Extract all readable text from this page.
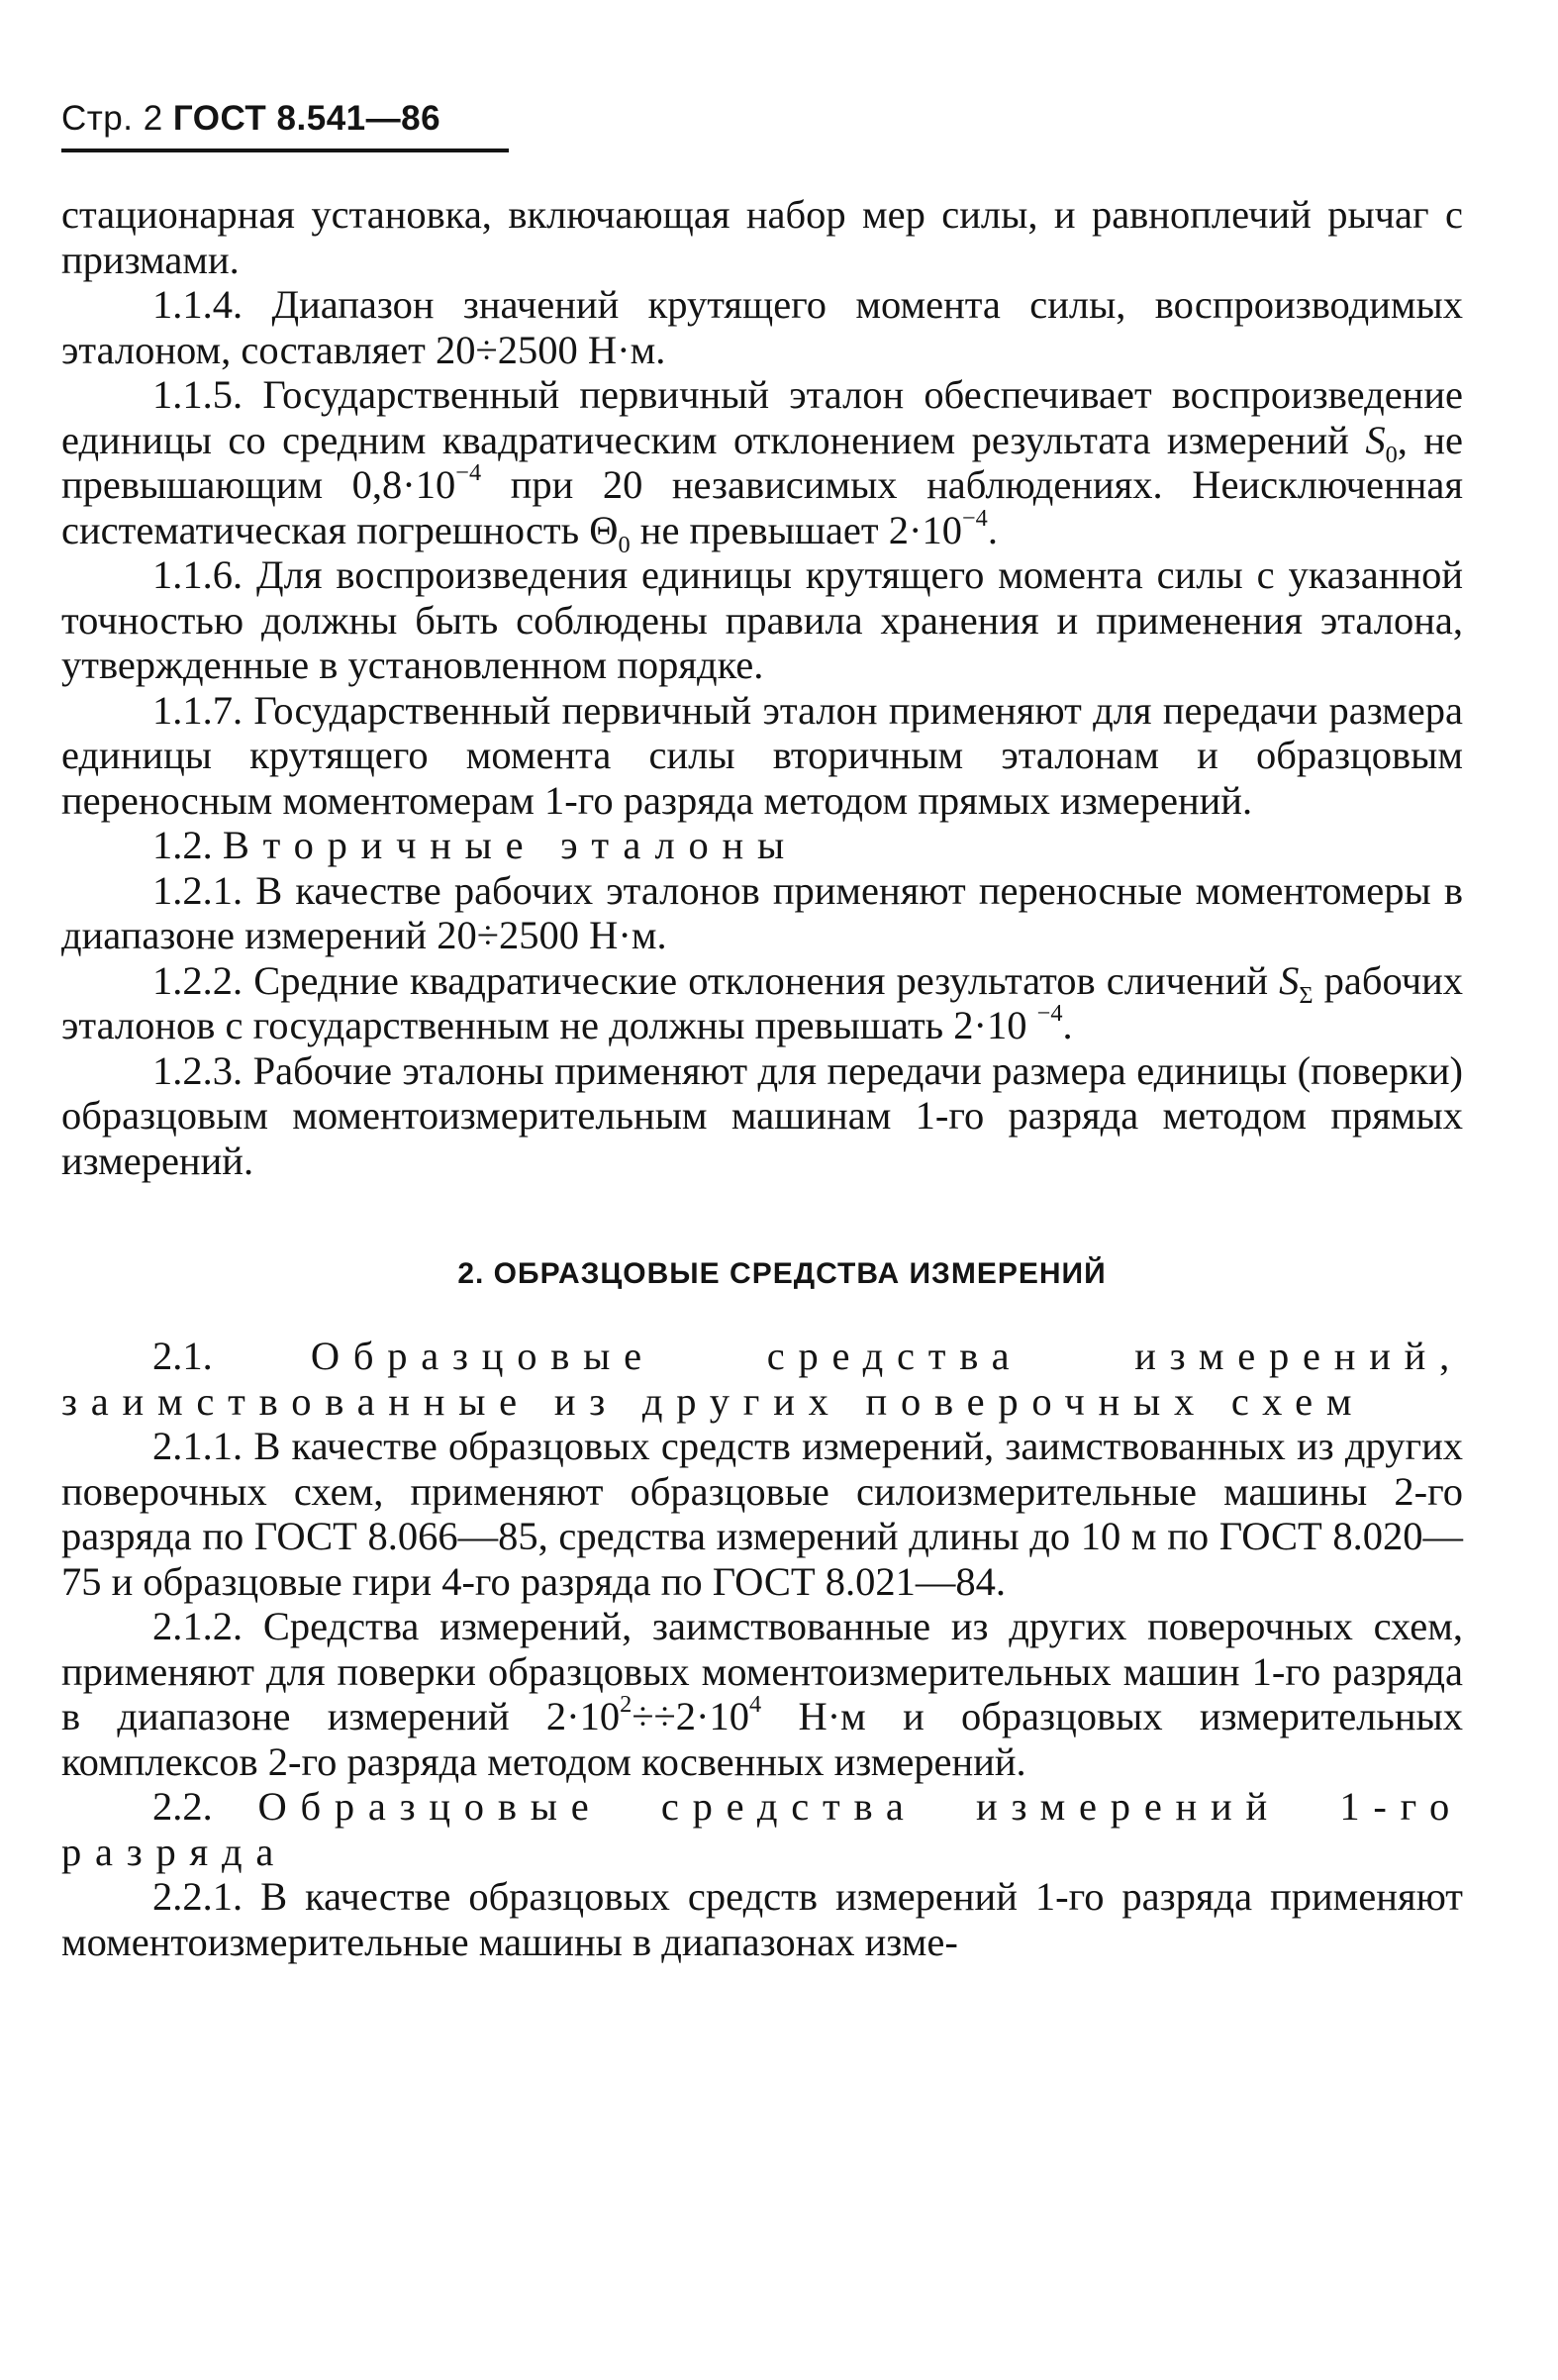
Стр. 2 ГОСТ 8.541—86

стационарная установка, включающая набор мер силы, и равноплечий рычаг с призмами.

1.1.4. Диапазон значений крутящего момента силы, воспроизводимых эталоном, составляет 20÷2500 Н·м.

1.1.5. Государственный первичный эталон обеспечивает воспроизведение единицы со средним квадратическим отклонением результата измерений $S_0$, не превышающим $0,8\cdot 10^{-4}$ при 20 независимых наблюдениях. Неисключенная систематическая погрешность $\Theta_0$ не превышает $2\cdot 10^{-4}$.

1.1.6. Для воспроизведения единицы крутящего момента силы с указанной точностью должны быть соблюдены правила хранения и применения эталона, утвержденные в установленном порядке.

1.1.7. Государственный первичный эталон применяют для передачи размера единицы крутящего момента силы вторичным эталонам и образцовым переносным моментомерам 1-го разряда методом прямых измерений.

1.2. Вторичные эталоны

1.2.1. В качестве рабочих эталонов применяют переносные моментомеры в диапазоне измерений 20÷2500 Н·м.

1.2.2. Средние квадратические отклонения результатов сличений $S_\Sigma$ рабочих эталонов с государственным не должны превышать 2·10 $^{-4}$.

1.2.3. Рабочие эталоны применяют для передачи размера единицы (поверки) образцовым моментоизмерительным машинам 1-го разряда методом прямых измерений.

2. ОБРАЗЦОВЫЕ СРЕДСТВА ИЗМЕРЕНИЙ

2.1. Образцовые средства измерений, заимствованные из других поверочных схем

2.1.1. В качестве образцовых средств измерений, заимствованных из других поверочных схем, применяют образцовые силоизмерительные машины 2-го разряда по ГОСТ 8.066—85, средства измерений длины до 10 м по ГОСТ 8.020—75 и образцовые гири 4-го разряда по ГОСТ 8.021—84.

2.1.2. Средства измерений, заимствованные из других поверочных схем, применяют для поверки образцовых моментоизмерительных машин 1-го разряда в диапазоне измерений $2\cdot 10^2\div\div 2\cdot 10^4$ Н·м и образцовых измерительных комплексов 2-го разряда методом косвенных измерений.

2.2. Образцовые средства измерений 1-го разряда

2.2.1. В качестве образцовых средств измерений 1-го разряда применяют моментоизмерительные машины в диапазонах изме-
